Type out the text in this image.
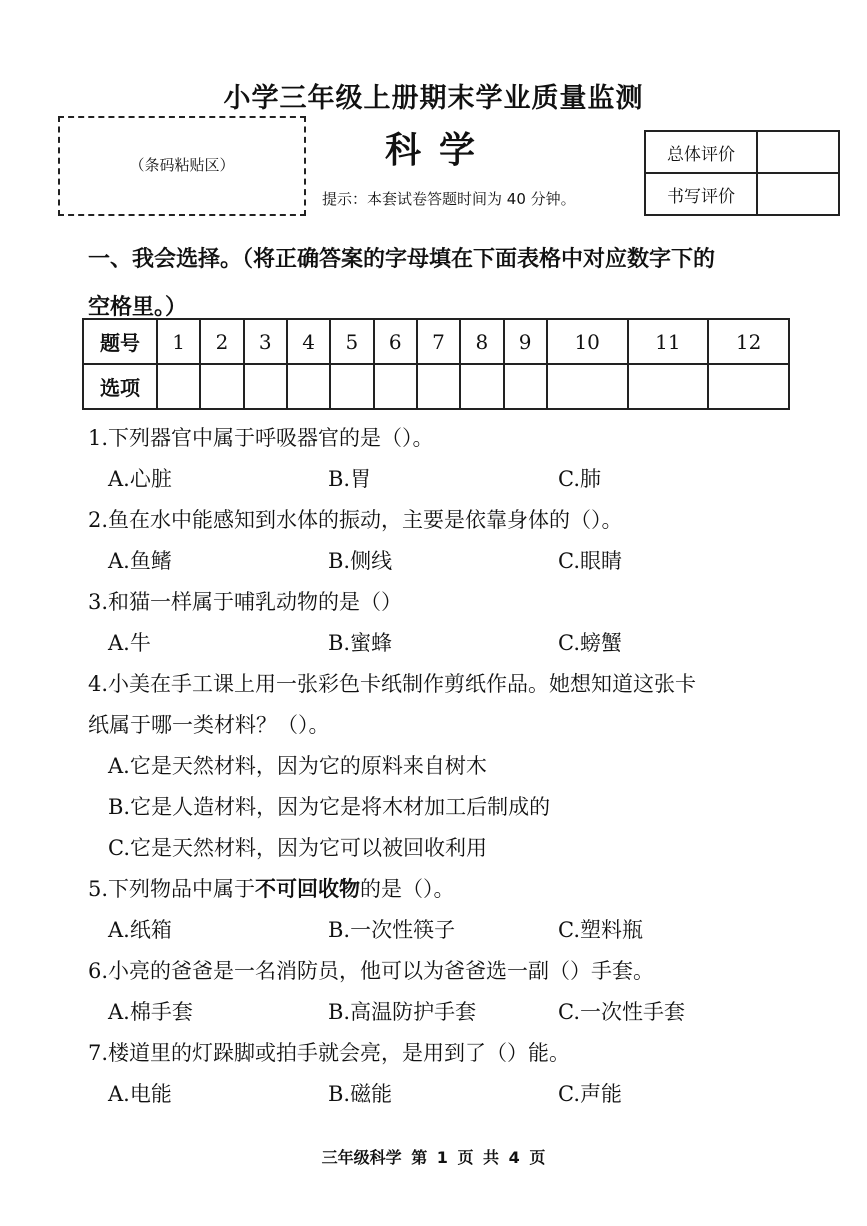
小学三年级上册期末学业质量监测
（条码粘贴区）	科学
提示：本套试卷答题时间为 40 分钟。
总体评价	
书写评价	
一、我会选择。（将正确答案的字母填在下面表格中对应数字下的
空格里。）
题号	1	2	3	4	5	6	7	8	9	10	11	12
选项												
1.下列器官中属于呼吸器官的是（）。
A.心脏	B.胃	C.肺
2.鱼在水中能感知到水体的振动，主要是依靠身体的（）。
A.鱼鳍	B.侧线	C.眼睛
3.和猫一样属于哺乳动物的是（）
A.牛	B.蜜蜂	C.螃蟹
4.小美在手工课上用一张彩色卡纸制作剪纸作品。她想知道这张卡
纸属于哪一类材料？（）。
A.它是天然材料，因为它的原料来自树木
B.它是人造材料，因为它是将木材加工后制成的
C.它是天然材料，因为它可以被回收利用
5.下列物品中属于不可回收物的是（）。
A.纸箱	B.一次性筷子	C.塑料瓶
6.小亮的爸爸是一名消防员，他可以为爸爸选一副（）手套。
A.棉手套	B.高温防护手套	C.一次性手套
7.楼道里的灯跺脚或拍手就会亮，是用到了（）能。
A.电能	B.磁能	C.声能
三年级科学 第 1 页 共 4 页
